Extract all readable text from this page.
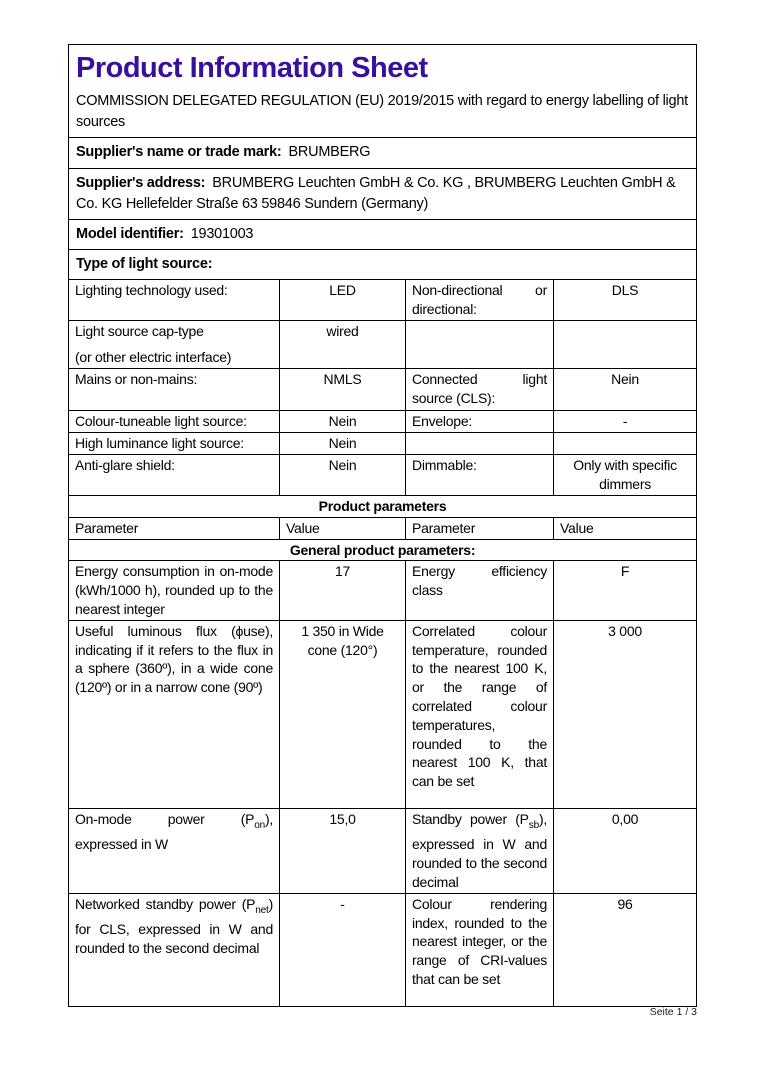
Product Information Sheet
COMMISSION DELEGATED REGULATION (EU) 2019/2015 with regard to energy labelling of light sources			

Supplier's name or trade mark: BRUMBERG			
Supplier's address: BRUMBERG Leuchten GmbH & Co. KG , BRUMBERG Leuchten GmbH & Co. KG Hellefelder Straße 63 59846 Sundern (Germany)			
Model identifier: 19301003			
Type of light source:			
Lighting technology used:	LED	Non-directional or directional:	DLS

Light source cap-type
(or other electric interface)	wired		
Mains or non-mains:	NMLS	Connected light source (CLS):	Nein
Colour-tuneable light source:	Nein	Envelope:	-
High luminance light source:	Nein		
Anti-glare shield:	Nein	Dimmable:	Only with specific dimmers
Product parameters			
Parameter	Value	Parameter	Value
General product parameters:			
Energy consumption in on-mode (kWh/1000 h), rounded up to the nearest integer	17	Energy efficiency class	F
Useful luminous flux (ϕuse), indicating if it refers to the flux in a sphere (360º), in a wide cone (120º) or in a narrow cone (90º)	1 350 in Wide cone (120°)	Correlated colour temperature, rounded to the nearest 100 K, or the range of correlated colour temperatures, rounded to the nearest 100 K, that can be set	3 000
On-mode power $(P_{on})$, expressed in W	15,0	Standby power $(P_{sb})$, expressed in W and rounded to the second decimal	0,00
Networked standby power $(P_{net})$ for CLS, expressed in W and rounded to the second decimal	-	Colour rendering index, rounded to the nearest integer, or the range of CRI-values that can be set	96
Seite 1 / 3
